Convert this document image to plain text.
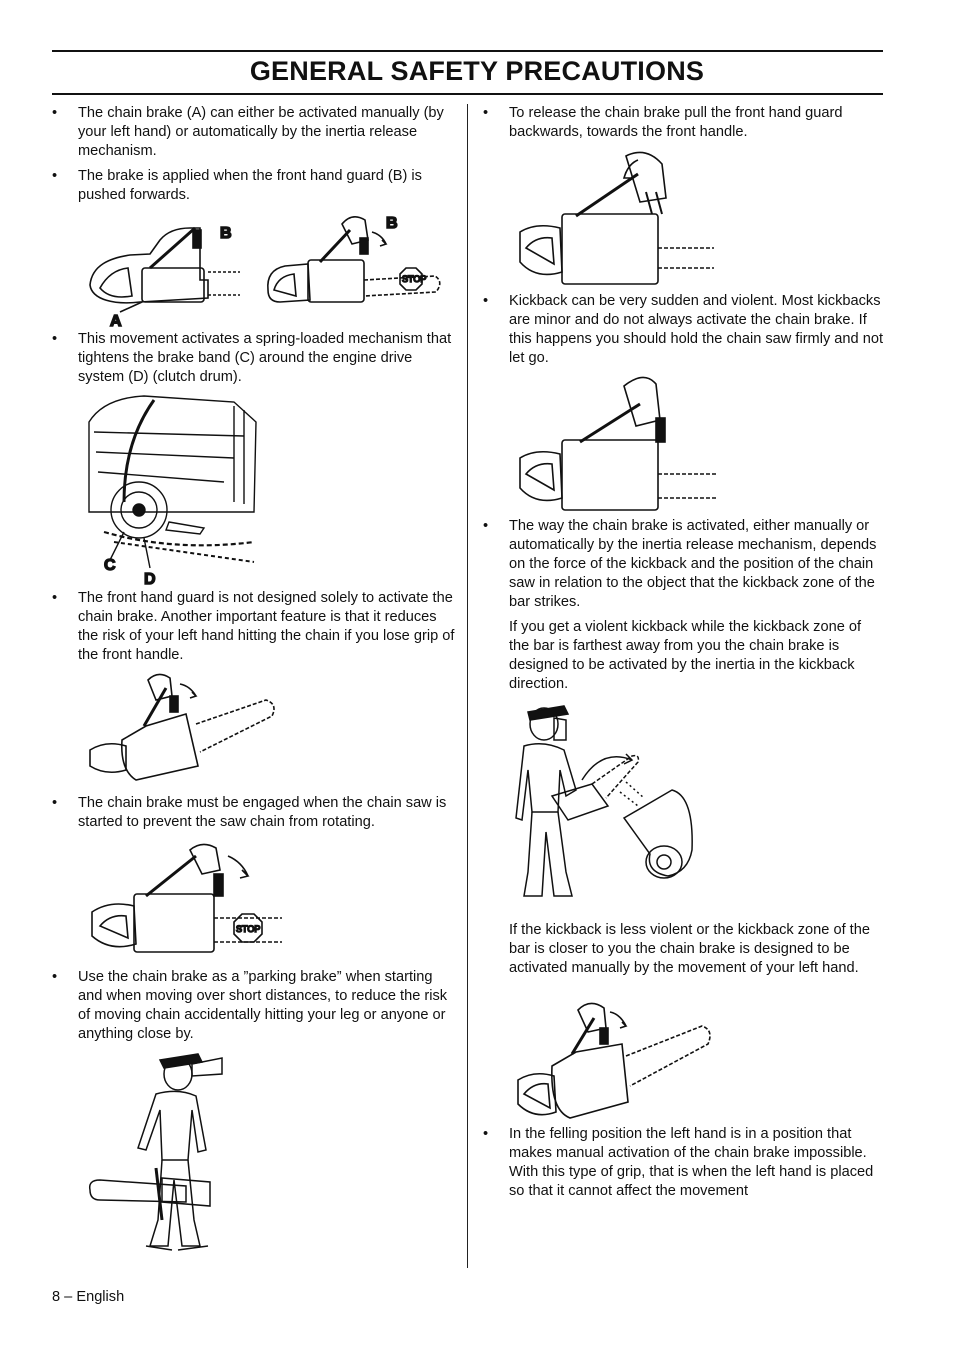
GENERAL SAFETY PRECAUTIONS

• The chain brake (A) can either be activated manually (by your left hand) or automatically by the inertia release mechanism.

• The brake is applied when the front hand guard (B) is pushed forwards.

A
B
STOP
B

• This movement activates a spring-loaded mechanism that tightens the brake band (C) around the engine drive system (D) (clutch drum).

C
D

• The front hand guard is not designed solely to activate the chain brake. Another important feature is that it reduces the risk of your left hand hitting the chain if you lose grip of the front handle.

• The chain brake must be engaged when the chain saw is started to prevent the saw chain from rotating.

STOP

• Use the chain brake as a ”parking brake” when starting and when moving over short distances, to reduce the risk of moving chain accidentally hitting your leg or anyone or anything close by.

• To release the chain brake pull the front hand guard backwards, towards the front handle.

• Kickback can be very sudden and violent. Most kickbacks are minor and do not always activate the chain brake. If this happens you should hold the chain saw firmly and not let go.

• The way the chain brake is activated, either manually or automatically by the inertia release mechanism, depends on the force of the kickback and the position of the chain saw in relation to the object that the kickback zone of the bar strikes.

If you get a violent kickback while the kickback zone of the bar is farthest away from you the chain brake is designed to be activated by the inertia in the kickback direction.

If the kickback is less violent or the kickback zone of the bar is closer to you the chain brake is designed to be activated manually by the movement of your left hand.

• In the felling position the left hand is in a position that makes manual activation of the chain brake impossible. With this type of grip, that is when the left hand is placed so that it cannot affect the movement

8 – English
